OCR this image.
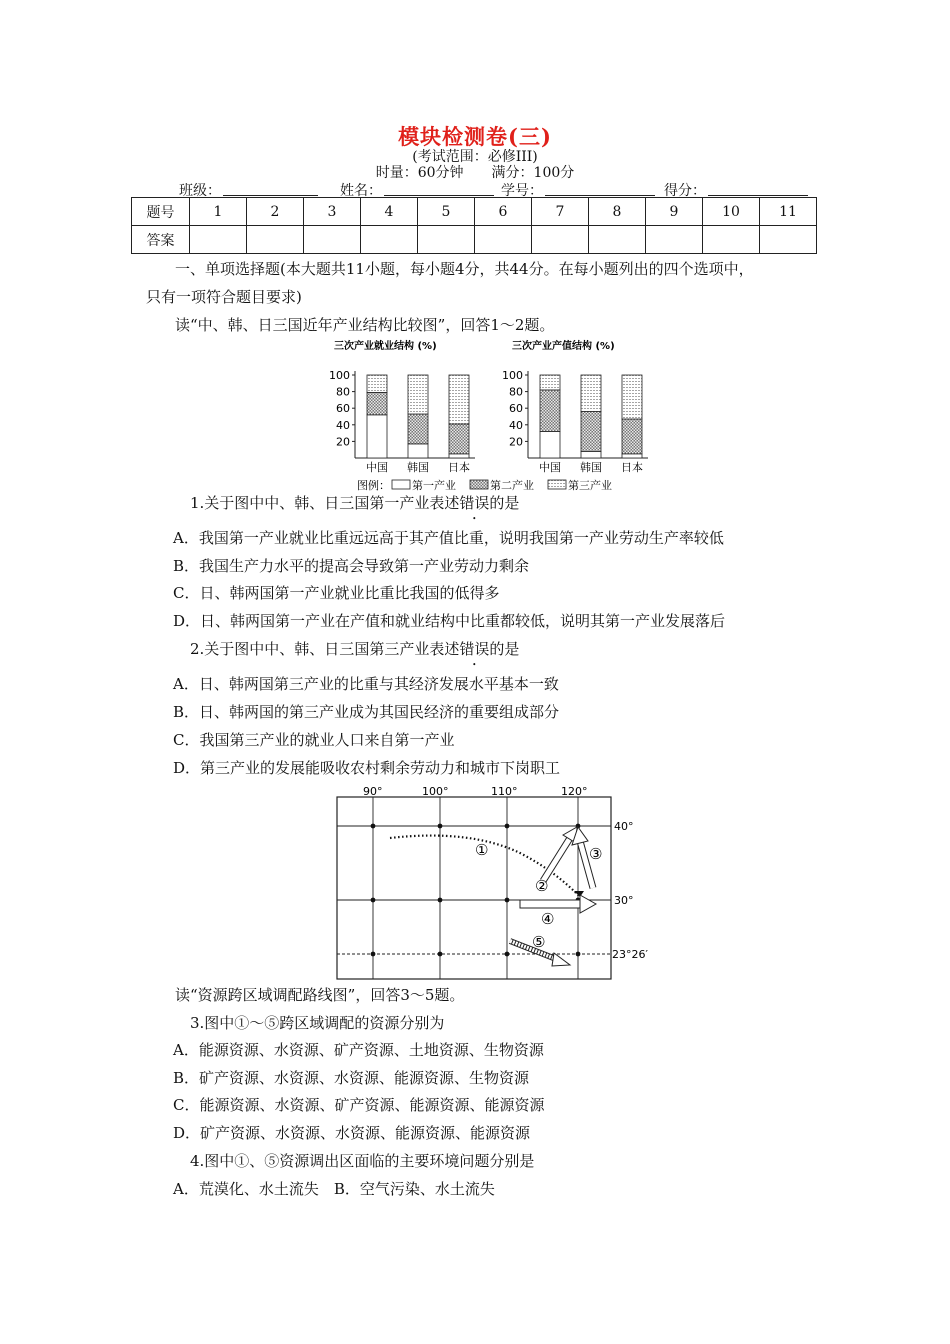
模块检测卷(三)
(考试范围：必修III)
时量：60分钟　　满分：100分
班级：	姓名：	学号：	得分：
题号	1	2	3	4	5	6	7	8	9	10	11
答案											
一、单项选择题(本大题共11小题，每小题4分，共44分。在每小题列出的四个选项中，
只有一项符合题目要求)
读“中、韩、日三国近年产业结构比较图”，回答1～2题。
三次产业就业结构 (%)
20
40
60
80
100
中国 韩国 日本
三次产业产值结构 (%)
20
40
60
80
100
中国 韩国 日本
图例： 第一产业	第二产业	第三产业
1.关于图中中、韩、日三国第一产业表述错误的是
A．我国第一产业就业比重远远高于其产值比重，说明我国第一产业劳动生产率较低
B．我国生产力水平的提高会导致第一产业劳动力剩余
C．日、韩两国第一产业就业比重比我国的低得多
D．日、韩两国第一产业在产值和就业结构中比重都较低，说明其第一产业发展落后
2.关于图中中、韩、日三国第三产业表述错误的是
A．日、韩两国第三产业的比重与其经济发展水平基本一致
B．日、韩两国的第三产业成为其国民经济的重要组成部分
C．我国第三产业的就业人口来自第一产业
D．第三产业的发展能吸收农村剩余劳动力和城市下岗职工
90°	100°	110°	120°
40°
30°
23°26′
①
②
③
④
⑤
读“资源跨区域调配路线图”，回答3～5题。
3.图中①～⑤跨区域调配的资源分别为
A．能源资源、水资源、矿产资源、土地资源、生物资源
B．矿产资源、水资源、水资源、能源资源、生物资源
C．能源资源、水资源、矿产资源、能源资源、能源资源
D．矿产资源、水资源、水资源、能源资源、能源资源
4.图中①、⑤资源调出区面临的主要环境问题分别是
A．荒漠化、水土流失　B．空气污染、水土流失
